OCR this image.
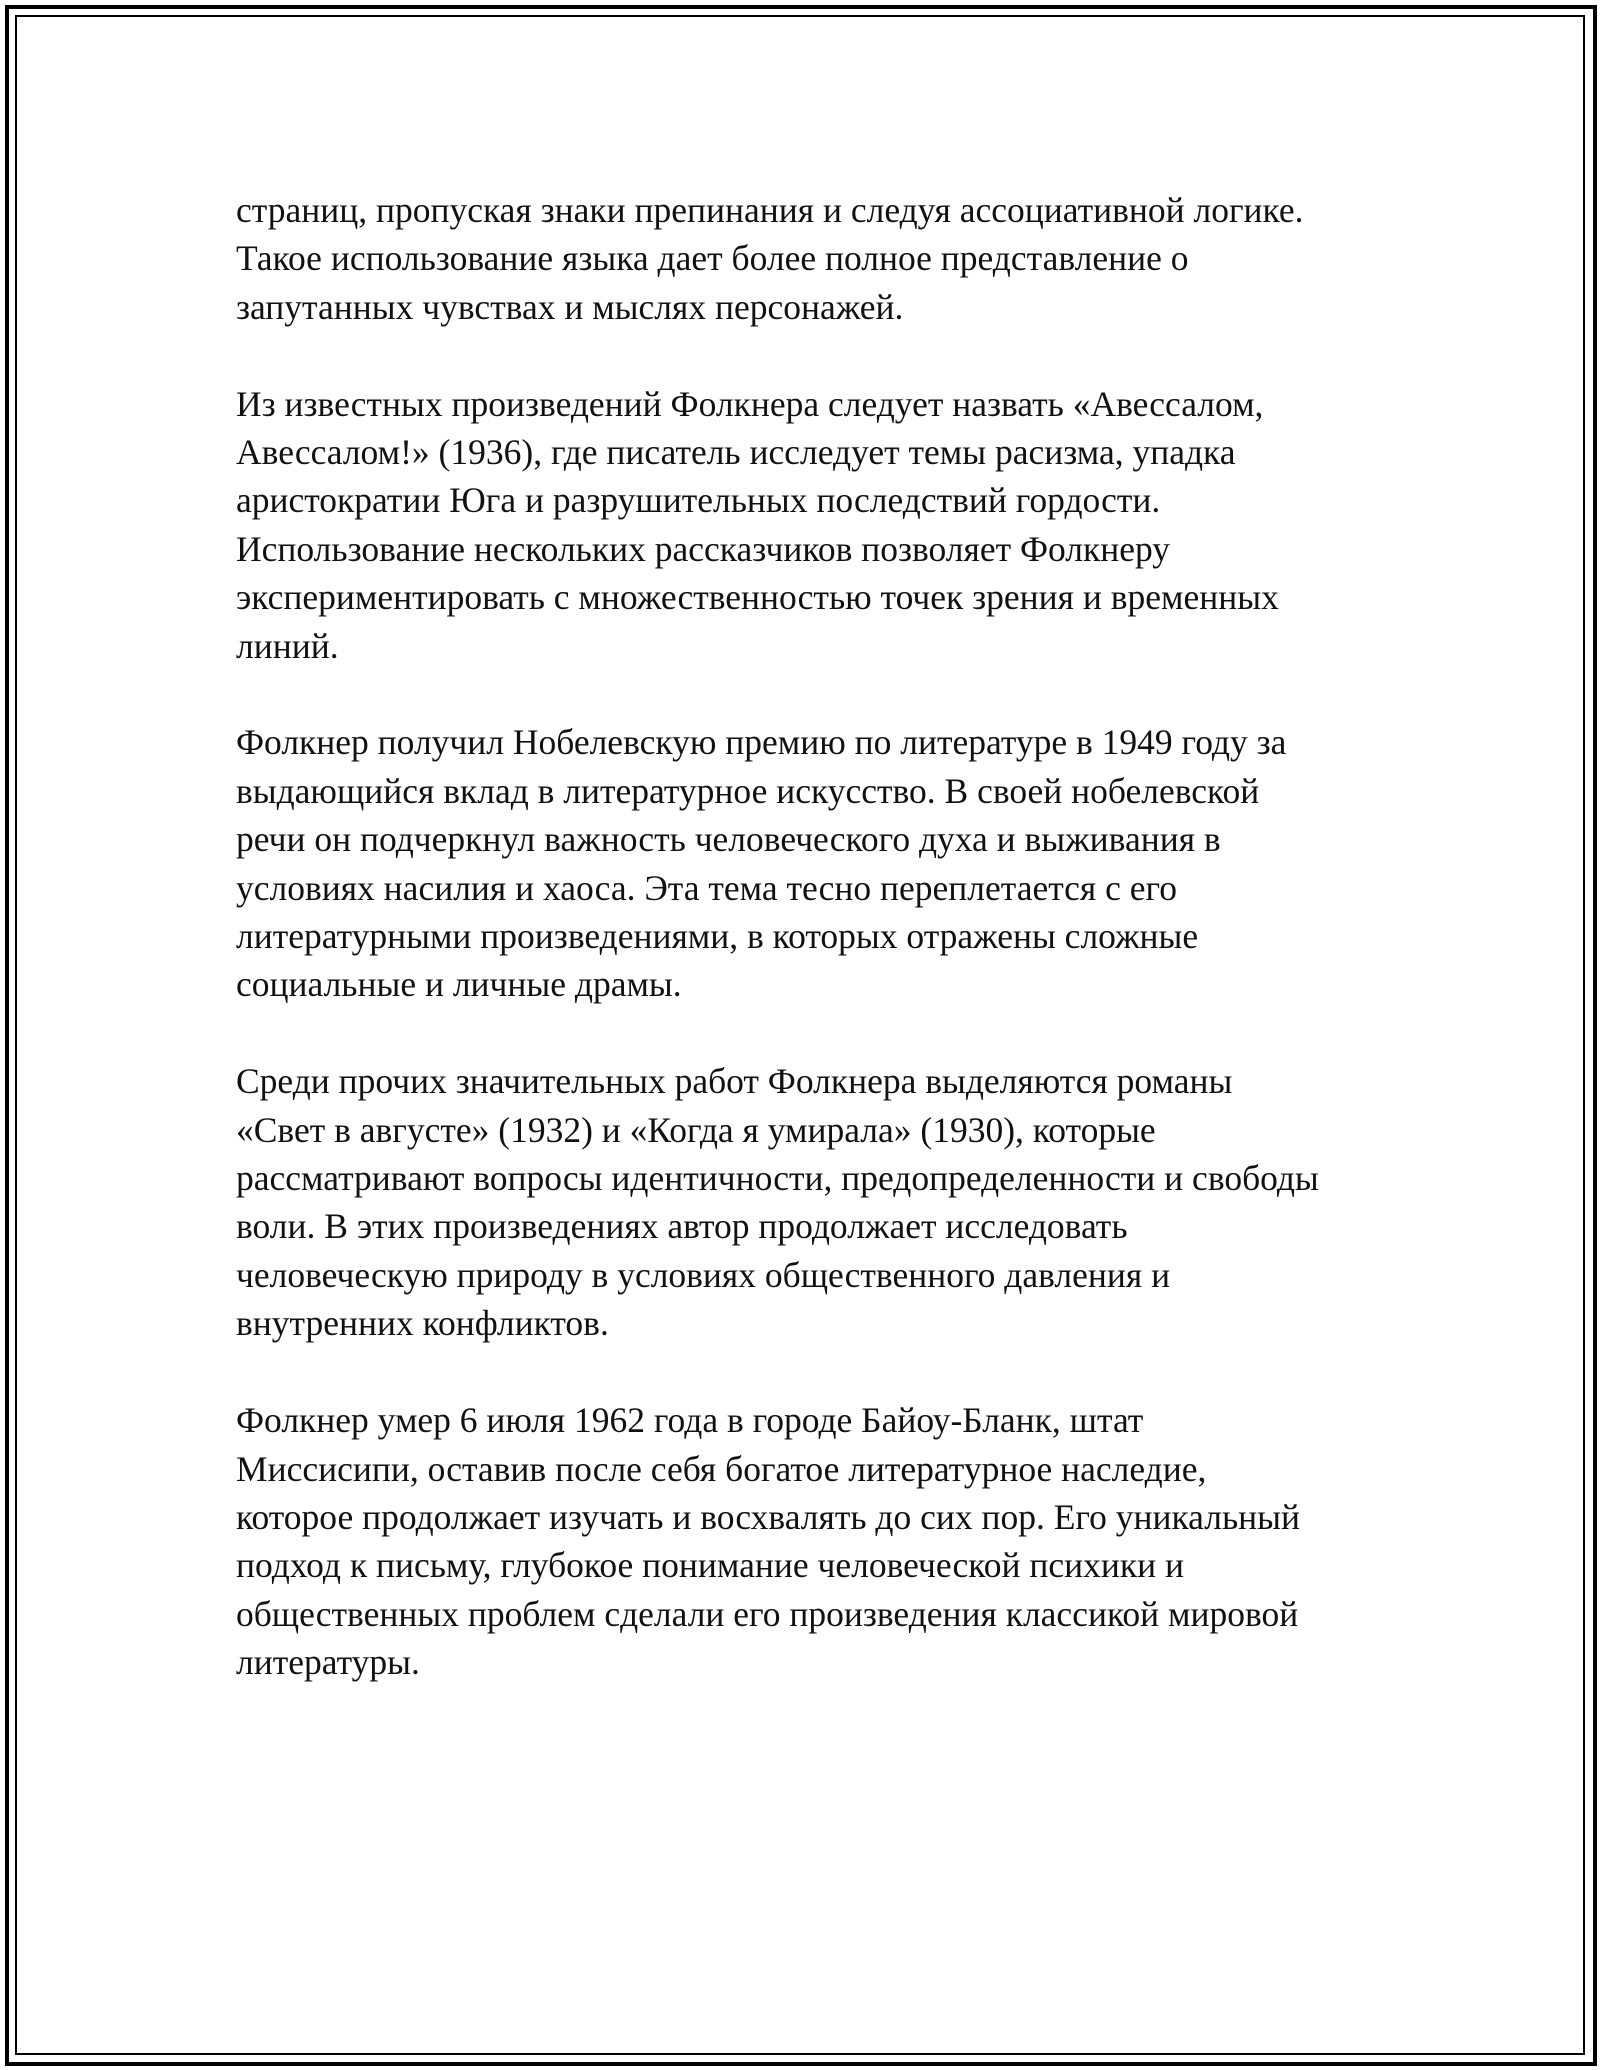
страниц, пропуская знаки препинания и следуя ассоциативной логике.
Такое использование языка дает более полное представление о
запутанных чувствах и мыслях персонажей.

Из известных произведений Фолкнера следует назвать «Авессалом,
Авессалом!» (1936), где писатель исследует темы расизма, упадка
аристократии Юга и разрушительных последствий гордости.
Использование нескольких рассказчиков позволяет Фолкнеру
экспериментировать с множественностью точек зрения и временных
линий.

Фолкнер получил Нобелевскую премию по литературе в 1949 году за
выдающийся вклад в литературное искусство. В своей нобелевской
речи он подчеркнул важность человеческого духа и выживания в
условиях насилия и хаоса. Эта тема тесно переплетается с его
литературными произведениями, в которых отражены сложные
социальные и личные драмы.

Среди прочих значительных работ Фолкнера выделяются романы
«Свет в августе» (1932) и «Когда я умирала» (1930), которые
рассматривают вопросы идентичности, предопределенности и свободы
воли. В этих произведениях автор продолжает исследовать
человеческую природу в условиях общественного давления и
внутренних конфликтов.

Фолкнер умер 6 июля 1962 года в городе Байоу-Бланк, штат
Миссисипи, оставив после себя богатое литературное наследие,
которое продолжает изучать и восхвалять до сих пор. Его уникальный
подход к письму, глубокое понимание человеческой психики и
общественных проблем сделали его произведения классикой мировой
литературы.
